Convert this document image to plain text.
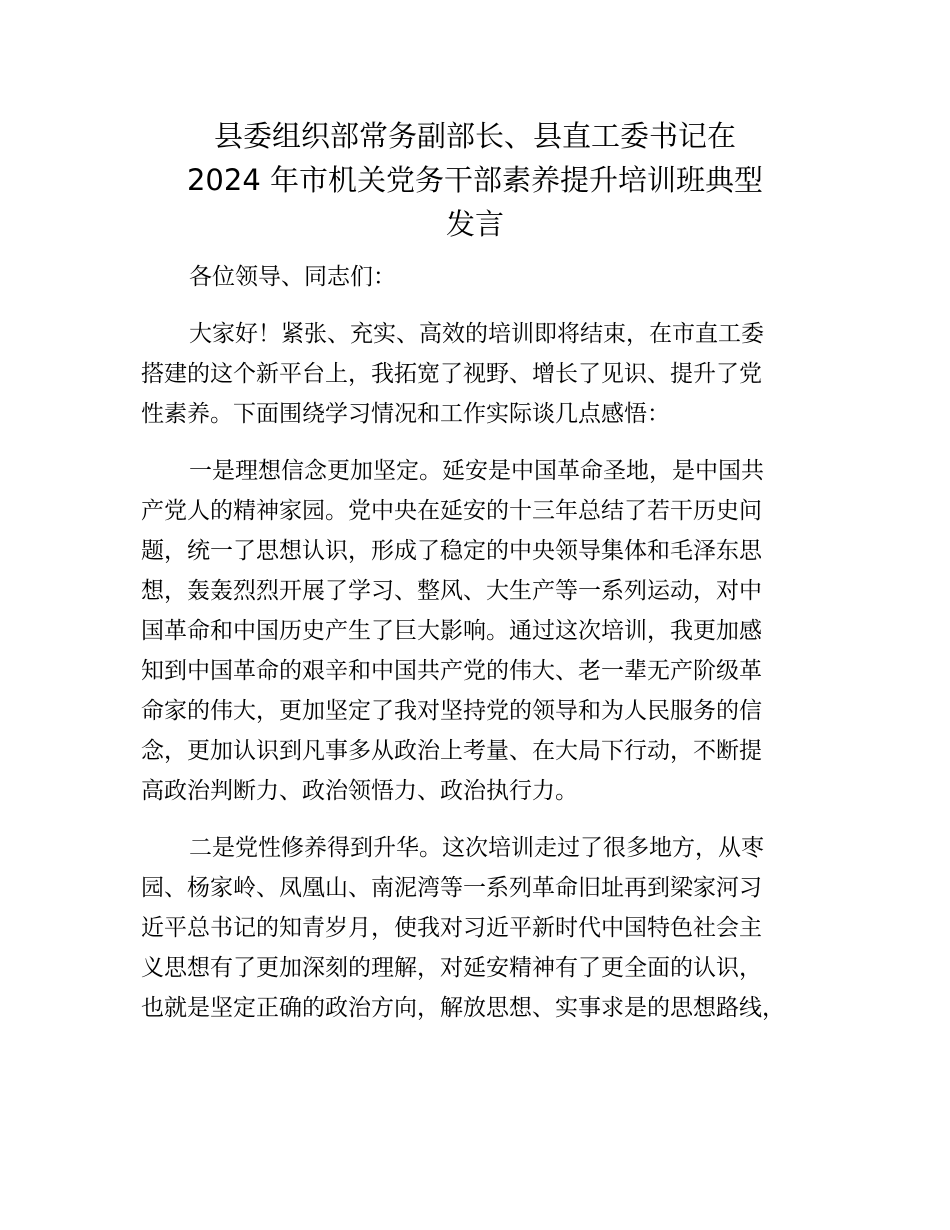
县委组织部常务副部长、县直工委书记在
2024 年市机关党务干部素养提升培训班典型
发言

各位领导、同志们：

大家好！紧张、充实、高效的培训即将结束，在市直工委
搭建的这个新平台上，我拓宽了视野、增长了见识、提升了党
性素养。下面围绕学习情况和工作实际谈几点感悟：

一是理想信念更加坚定。延安是中国革命圣地，是中国共
产党人的精神家园。党中央在延安的十三年总结了若干历史问
题，统一了思想认识，形成了稳定的中央领导集体和毛泽东思
想，轰轰烈烈开展了学习、整风、大生产等一系列运动，对中
国革命和中国历史产生了巨大影响。通过这次培训，我更加感
知到中国革命的艰辛和中国共产党的伟大、老一辈无产阶级革
命家的伟大，更加坚定了我对坚持党的领导和为人民服务的信
念，更加认识到凡事多从政治上考量、在大局下行动，不断提
高政治判断力、政治领悟力、政治执行力。

二是党性修养得到升华。这次培训走过了很多地方，从枣
园、杨家岭、凤凰山、南泥湾等一系列革命旧址再到梁家河习
近平总书记的知青岁月，使我对习近平新时代中国特色社会主
义思想有了更加深刻的理解，对延安精神有了更全面的认识，
也就是坚定正确的政治方向，解放思想、实事求是的思想路线，
